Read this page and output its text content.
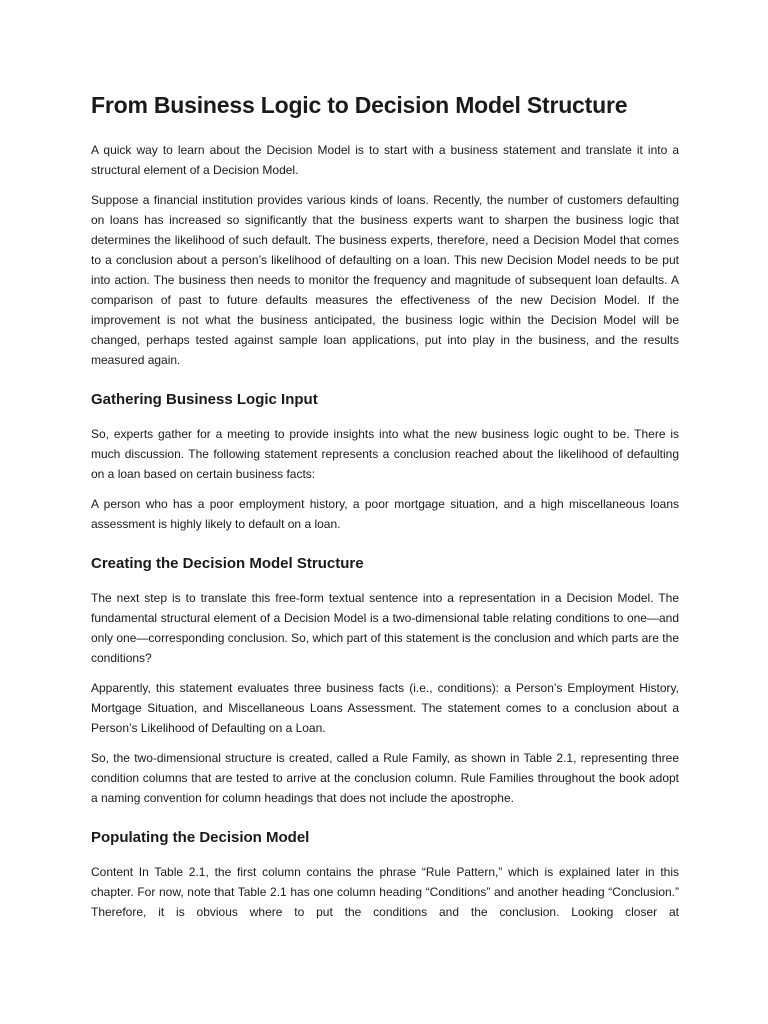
From Business Logic to Decision Model Structure

A quick way to learn about the Decision Model is to start with a business statement and translate it into a structural element of a Decision Model.

Suppose a financial institution provides various kinds of loans. Recently, the number of customers defaulting on loans has increased so significantly that the business experts want to sharpen the business logic that determines the likelihood of such default. The business experts, therefore, need a Decision Model that comes to a conclusion about a person’s likelihood of defaulting on a loan. This new Decision Model needs to be put into action. The business then needs to monitor the frequency and magnitude of subsequent loan defaults. A comparison of past to future defaults measures the effectiveness of the new Decision Model. If the improvement is not what the business anticipated, the business logic within the Decision Model will be changed, perhaps tested against sample loan applications, put into play in the business, and the results measured again.

Gathering Business Logic Input

So, experts gather for a meeting to provide insights into what the new business logic ought to be. There is much discussion. The following statement represents a conclusion reached about the likelihood of defaulting on a loan based on certain business facts:

A person who has a poor employment history, a poor mortgage situation, and a high miscellaneous loans assessment is highly likely to default on a loan.

Creating the Decision Model Structure

The next step is to translate this free-form textual sentence into a representation in a Decision Model. The fundamental structural element of a Decision Model is a two-dimensional table relating conditions to one—and only one—corresponding conclusion. So, which part of this statement is the conclusion and which parts are the conditions?

Apparently, this statement evaluates three business facts (i.e., conditions): a Person’s Employment History, Mortgage Situation, and Miscellaneous Loans Assessment. The statement comes to a conclusion about a Person’s Likelihood of Defaulting on a Loan.

So, the two-dimensional structure is created, called a Rule Family, as shown in Table 2.1, representing three condition columns that are tested to arrive at the conclusion column. Rule Families throughout the book adopt a naming convention for column headings that does not include the apostrophe.

Populating the Decision Model

Content In Table 2.1, the first column contains the phrase “Rule Pattern,” which is explained later in this chapter. For now, note that Table 2.1 has one column heading “Conditions” and another heading “Conclusion.” Therefore, it is obvious where to put the conditions and the conclusion. Looking closer at
